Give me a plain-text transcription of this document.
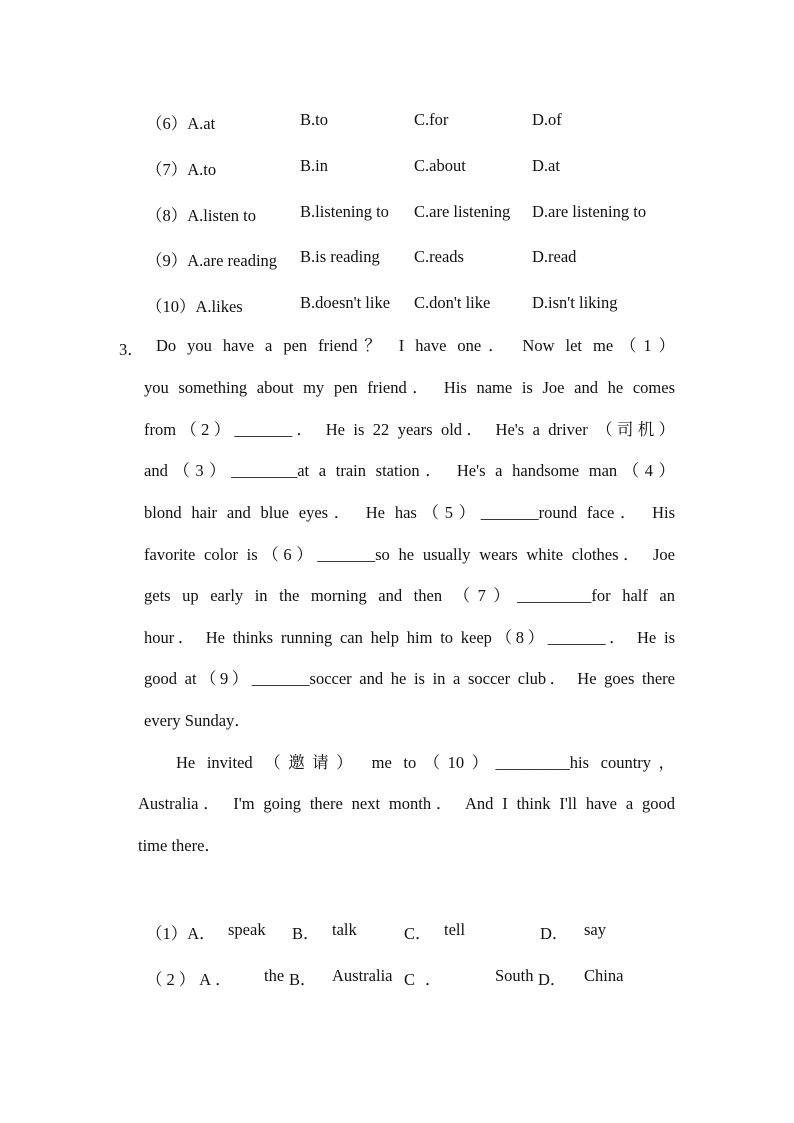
（6）A.at	B.to	C.for	D.of
（7）A.to	B.in	C.about	D.at
（8）A.listen to	B.listening to C.are listening D.are listening to
（9）A.are reading B.is reading C.reads	D.read
（10）A.likes	B.doesn't like C.don't like	D.isn't liking
3． Do you have a pen friend？ I have one． Now let me（1）
you something about my pen friend． His name is Joe and he comes
from（2）_______． He is 22 years old． He's a driver （司机）
and（3）________at a train station． He's a handsome man（4）
blond hair and blue eyes． He has（5）_______round face． His
favorite color is（6）_______so he usually wears white clothes． Joe
gets up early in the morning and then （7）_________for half an
hour． He thinks running can help him to keep（8）_______． He is
good at（9）_______soccer and he is in a soccer club． He goes there
every Sunday．
He invited （邀请） me to（10）_________his country，
Australia． I'm going there next month． And I think I'll have a good
time there．
（1）A． speak B． talk	C． tell	D． say
（2）A． the B． Australia C．	South D． China
